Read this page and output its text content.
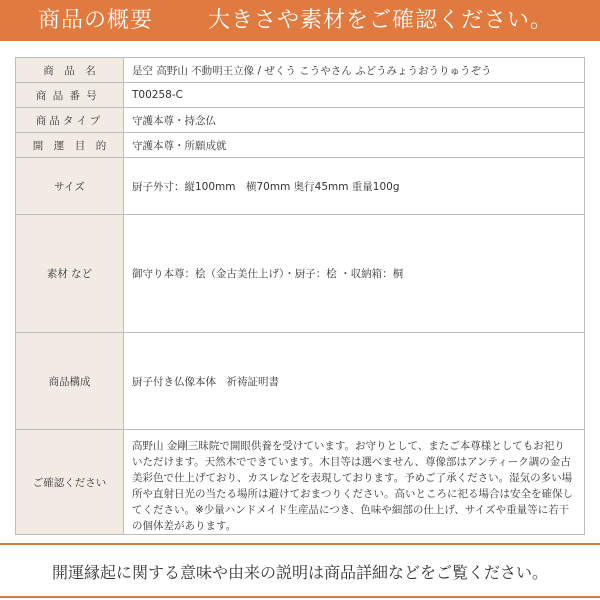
商品の概要 大きさや素材をご確認ください。
商　品　名	是空 高野山 不動明王立像 / ぜくう こうやさん ふどうみょうおうりゅうぞう
商品番号	T00258-C
商品タイプ	守護本尊・持念仏
開　運　目　的	守護本尊・所願成就
サイズ	厨子外寸：縦100mm　横70mm 奥行45mm 重量100g
素材 など	御守り本尊：桧（金古美仕上げ）・厨子：桧 ・収納箱：桐
商品構成	厨子付き仏像本体　祈祷証明書
ご確認ください	高野山 金剛三昧院で開眼供養を受けています。お守りとして、またご本尊様としてもお祀りいただけます。天然木でできています。木目等は選べません、尊像部はアンティーク調の金古美彩色で仕上げており、カスレなどを表現しております。予めご了承ください。湿気の多い場所や直射日光の当たる場所は避けておまつりください。高いところに祀る場合は安全を確保してください。※少量ハンドメイド生産品につき、色味や細部の仕上げ、サイズや重量等に若干の個体差があります。
開運縁起に関する意味や由来の説明は商品詳細などをご覧ください。
